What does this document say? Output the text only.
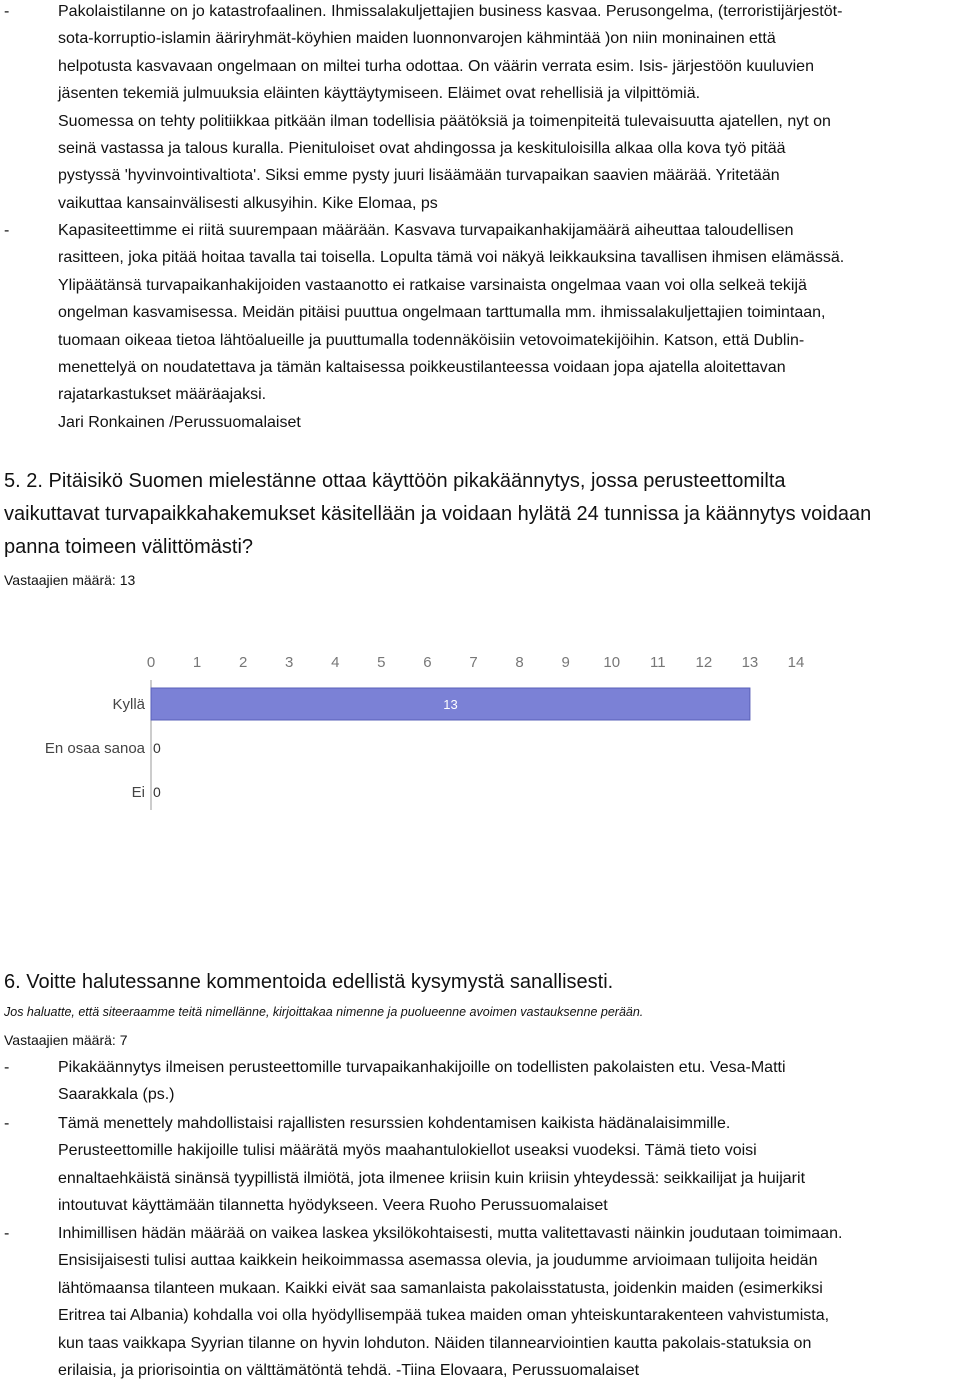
-	Pakolaistilanne on jo katastrofaalinen. Ihmissalakuljettajien business kasvaa. Perusongelma, (terroristijärjestöt-
sota-korruptio-islamin ääriryhmät-köyhien maiden luonnonvarojen kähmintää )on niin moninainen että
helpotusta kasvavaan ongelmaan on miltei turha odottaa. On väärin verrata esim. Isis- järjestöön kuuluvien
jäsenten tekemiä julmuuksia eläinten käyttäytymiseen. Eläimet ovat rehellisiä ja vilpittömiä.
Suomessa on tehty politiikkaa pitkään ilman todellisia päätöksiä ja toimenpiteitä tulevaisuutta ajatellen, nyt on
seinä vastassa ja talous kuralla. Pienituloiset ovat ahdingossa ja keskituloisilla alkaa olla kova työ pitää
pystyssä 'hyvinvointivaltiota'. Siksi emme pysty juuri lisäämään turvapaikan saavien määrää. Yritetään
vaikuttaa kansainvälisesti alkusyihin. Kike Elomaa, ps
-	Kapasiteettimme ei riitä suurempaan määrään. Kasvava turvapaikanhakijamäärä aiheuttaa taloudellisen
rasitteen, joka pitää hoitaa tavalla tai toisella. Lopulta tämä voi näkyä leikkauksina tavallisen ihmisen elämässä.
Ylipäätänsä turvapaikanhakijoiden vastaanotto ei ratkaise varsinaista ongelmaa vaan voi olla selkeä tekijä
ongelman kasvamisessa. Meidän pitäisi puuttua ongelmaan tarttumalla mm. ihmissalakuljettajien toimintaan,
tuomaan oikeaa tietoa lähtöalueille ja puuttumalla todennäköisiin vetovoimatekijöihin. Katson, että Dublin-
menettelyä on noudatettava ja tämän kaltaisessa poikkeustilanteessa voidaan jopa ajatella aloitettavan
rajatarkastukset määräajaksi.
Jari Ronkainen /Perussuomalaiset
5. 2. Pitäisikö Suomen mielestänne ottaa käyttöön pikakäännytys, jossa perusteettomilta
vaikuttavat turvapaikkahakemukset käsitellään ja voidaan hylätä 24 tunnissa ja käännytys voidaan
panna toimeen välittömästi?
Vastaajien määrä: 13
0	1	2	3	4	5	6	7	8	9 10 11 12 13 14
Kyllä	13
En osaa sanoa 0
Ei 0
6. Voitte halutessanne kommentoida edellistä kysymystä sanallisesti.
Jos haluatte, että siteeraamme teitä nimellänne, kirjoittakaa nimenne ja puolueenne avoimen vastauksenne perään.
Vastaajien määrä: 7
-	Pikakäännytys ilmeisen perusteettomille turvapaikanhakijoille on todellisten pakolaisten etu. Vesa-Matti
Saarakkala (ps.)
-	Tämä menettely mahdollistaisi rajallisten resurssien kohdentamisen kaikista hädänalaisimmille.
Perusteettomille hakijoille tulisi määrätä myös maahantulokiellot useaksi vuodeksi. Tämä tieto voisi
ennaltaehkäistä sinänsä tyypillistä ilmiötä, jota ilmenee kriisin kuin kriisin yhteydessä: seikkailijat ja huijarit
intoutuvat käyttämään tilannetta hyödykseen. Veera Ruoho Perussuomalaiset
-	Inhimillisen hädän määrää on vaikea laskea yksilökohtaisesti, mutta valitettavasti näinkin joudutaan toimimaan.
Ensisijaisesti tulisi auttaa kaikkein heikoimmassa asemassa olevia, ja joudumme arvioimaan tulijoita heidän
lähtömaansa tilanteen mukaan. Kaikki eivät saa samanlaista pakolaisstatusta, joidenkin maiden (esimerkiksi
Eritrea tai Albania) kohdalla voi olla hyödyllisempää tukea maiden oman yhteiskuntarakenteen vahvistumista,
kun taas vaikkapa Syyrian tilanne on hyvin lohduton. Näiden tilannearviointien kautta pakolais-statuksia on
erilaisia, ja priorisointia on välttämätöntä tehdä. -Tiina Elovaara, Perussuomalaiset
